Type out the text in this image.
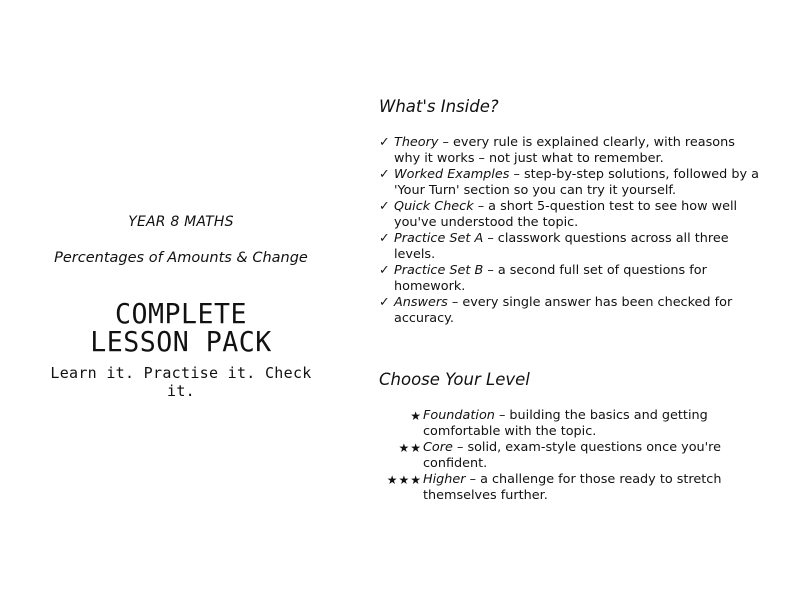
YEAR 8 MATHS
Percentages of Amounts & Change
COMPLETE
LESSON PACK
Learn it. Practise it. Check it.
What's Inside?
✓ Theory – every rule is explained clearly, with reasons why it works – not just what to remember.
✓ Worked Examples – step-by-step solutions, followed by a 'Your Turn' section so you can try it yourself.
✓ Quick Check – a short 5-question test to see how well you've understood the topic.
✓ Practice Set A – classwork questions across all three levels.
✓ Practice Set B – a second full set of questions for homework.
✓ Answers – every single answer has been checked for accuracy.
Choose Your Level
★ Foundation – building the basics and getting comfortable with the topic.
★★ Core – solid, exam-style questions once you're confident.
★★★ Higher – a challenge for those ready to stretch themselves further.
